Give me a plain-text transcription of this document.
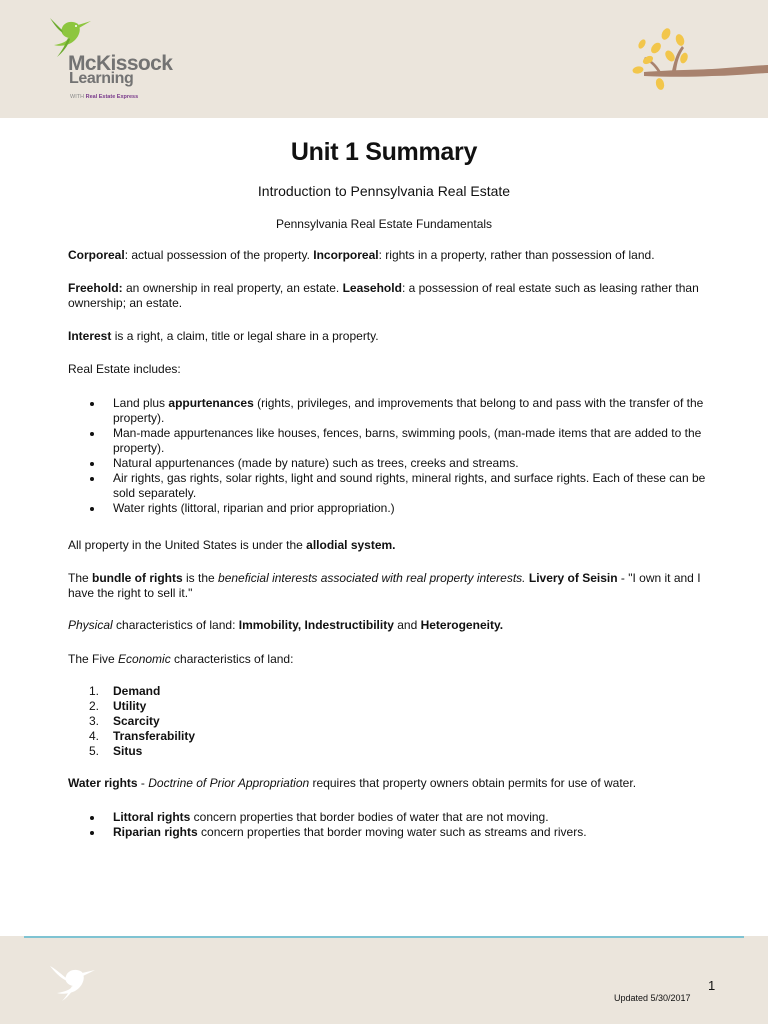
McKissock
Learning
WITH Real Estate Express
Unit 1 Summary
Introduction to Pennsylvania Real Estate
Pennsylvania Real Estate Fundamentals
Corporeal: actual possession of the property. Incorporeal: rights in a property, rather than possession of land.
Freehold: an ownership in real property, an estate. Leasehold: a possession of real estate such as leasing rather than ownership; an estate.
Interest is a right, a claim, title or legal share in a property.
Real Estate includes:
Land plus appurtenances (rights, privileges, and improvements that belong to and pass with the transfer of the property).
Man-made appurtenances like houses, fences, barns, swimming pools, (man-made items that are added to the property).
Natural appurtenances (made by nature) such as trees, creeks and streams.
Air rights, gas rights, solar rights, light and sound rights, mineral rights, and surface rights. Each of these can be sold separately.
Water rights (littoral, riparian and prior appropriation.)
All property in the United States is under the allodial system.
The bundle of rights is the beneficial interests associated with real property interests. Livery of Seisin - "I own it and I have the right to sell it."
Physical characteristics of land: Immobility, Indestructibility and Heterogeneity.
The Five Economic characteristics of land:
1. Demand
2. Utility
3. Scarcity
4. Transferability
5. Situs
Water rights - Doctrine of Prior Appropriation requires that property owners obtain permits for use of water.
Littoral rights concern properties that border bodies of water that are not moving.
Riparian rights concern properties that border moving water such as streams and rivers.
1
Updated 5/30/2017
